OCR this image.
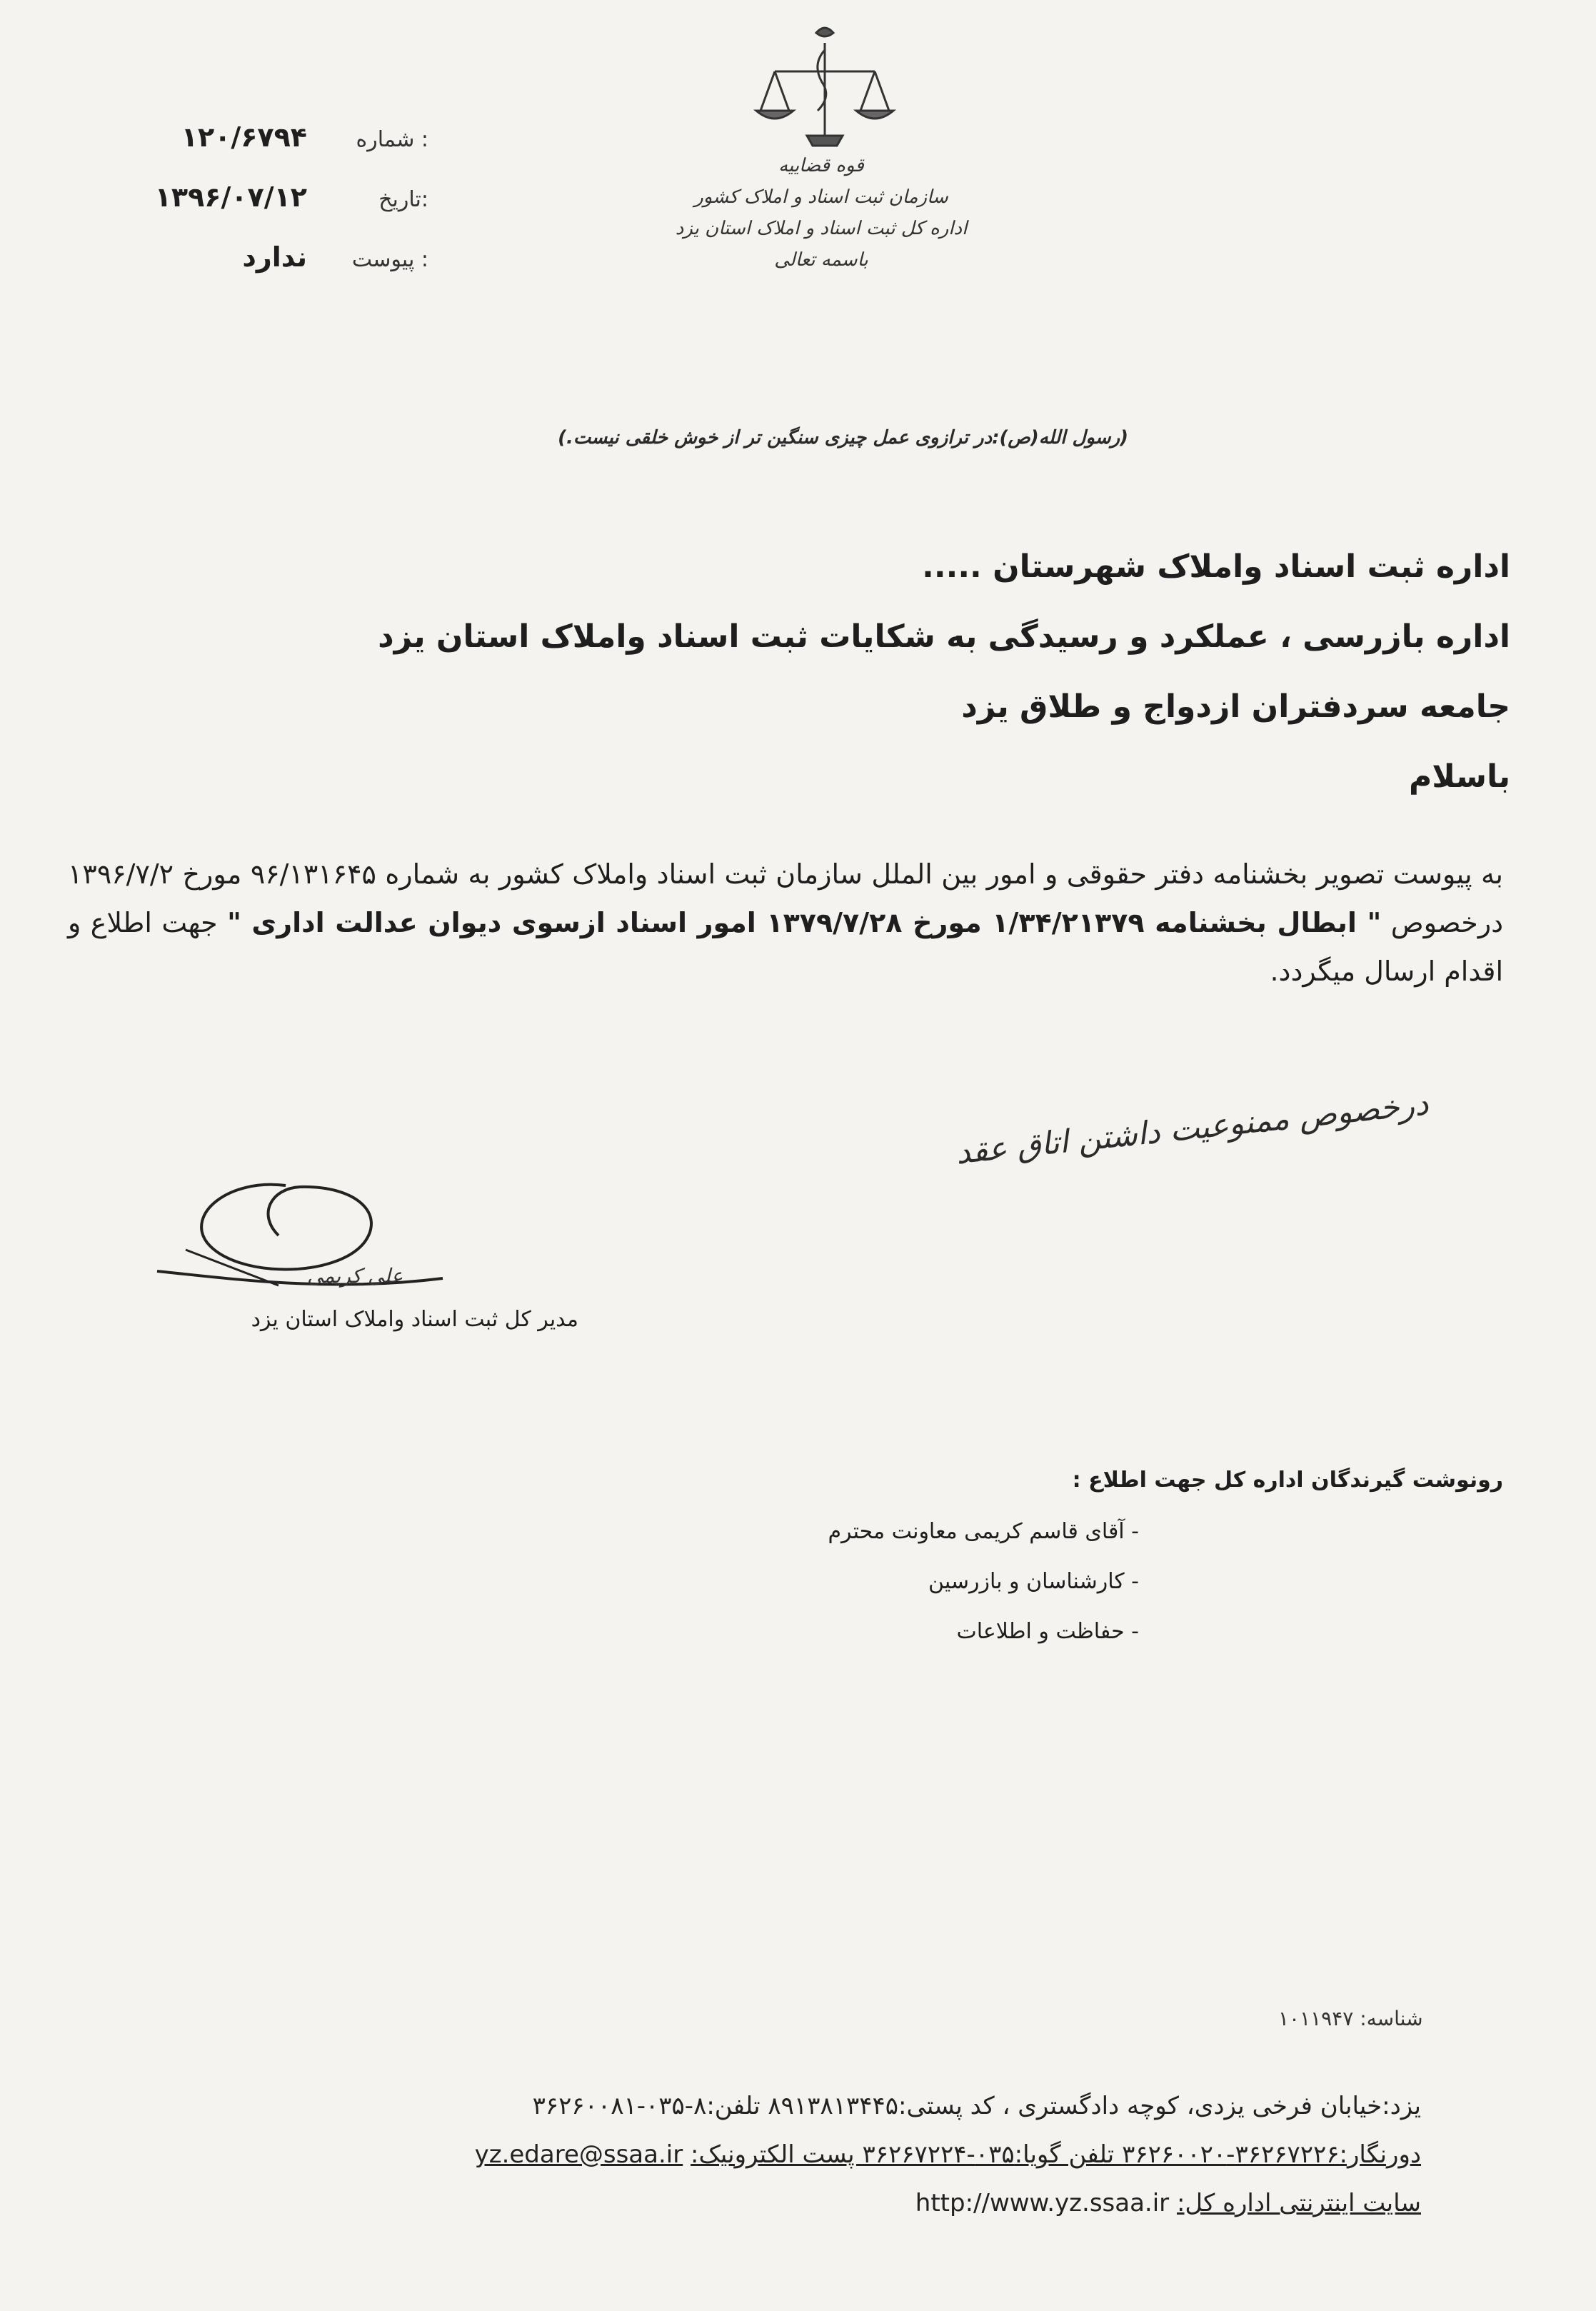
قوه قضاییه
سازمان ثبت اسناد و املاک کشور
اداره کل ثبت اسناد و املاک استان یزد
باسمه تعالی
شماره :
۱۲۰/۶۷۹۴
تاریخ:
۱۳۹۶/۰۷/۱۲
پیوست :
ندارد
(رسول الله(ص):در ترازوی عمل چیزی سنگین تر از خوش خلقی نیست.)
اداره ثبت اسناد واملاک شهرستان .....
اداره بازرسی ، عملکرد و رسیدگی به شکایات ثبت اسناد واملاک استان یزد
جامعه سردفتران ازدواج و طلاق یزد
باسلام
به پیوست تصویر بخشنامه دفتر حقوقی و امور بین الملل سازمان ثبت اسناد واملاک کشور به شماره ۹۶/۱۳۱۶۴۵ مورخ ۱۳۹۶/۷/۲ درخصوص " ابطال بخشنامه ۱/۳۴/۲۱۳۷۹ مورخ ۱۳۷۹/۷/۲۸ امور اسناد ازسوی دیوان عدالت اداری " جهت اطلاع و اقدام ارسال میگردد.
درخصوص ممنوعیت داشتن اتاق عقد
علی کریمی
مدیر کل ثبت اسناد واملاک استان یزد
رونوشت گیرندگان اداره کل جهت اطلاع :
- آقای قاسم کریمی معاونت محترم
- کارشناسان و بازرسین
- حفاظت و اطلاعات
شناسه: ۱۰۱۱۹۴۷
یزد:خیابان فرخی یزدی، کوچه دادگستری ، کد پستی:۸۹۱۳۸۱۳۴۴۵ تلفن:۸-۰۳۵-۳۶۲۶۰۰۸۱
دورنگار:۳۶۲۶۷۲۲۶-۳۶۲۶۰۰۲۰ تلفن گویا:۰۳۵-۳۶۲۶۷۲۲۴ پست الکترونیک: yz.edare@ssaa.ir
سایت اینترنتی اداره کل: http://www.yz.ssaa.ir
